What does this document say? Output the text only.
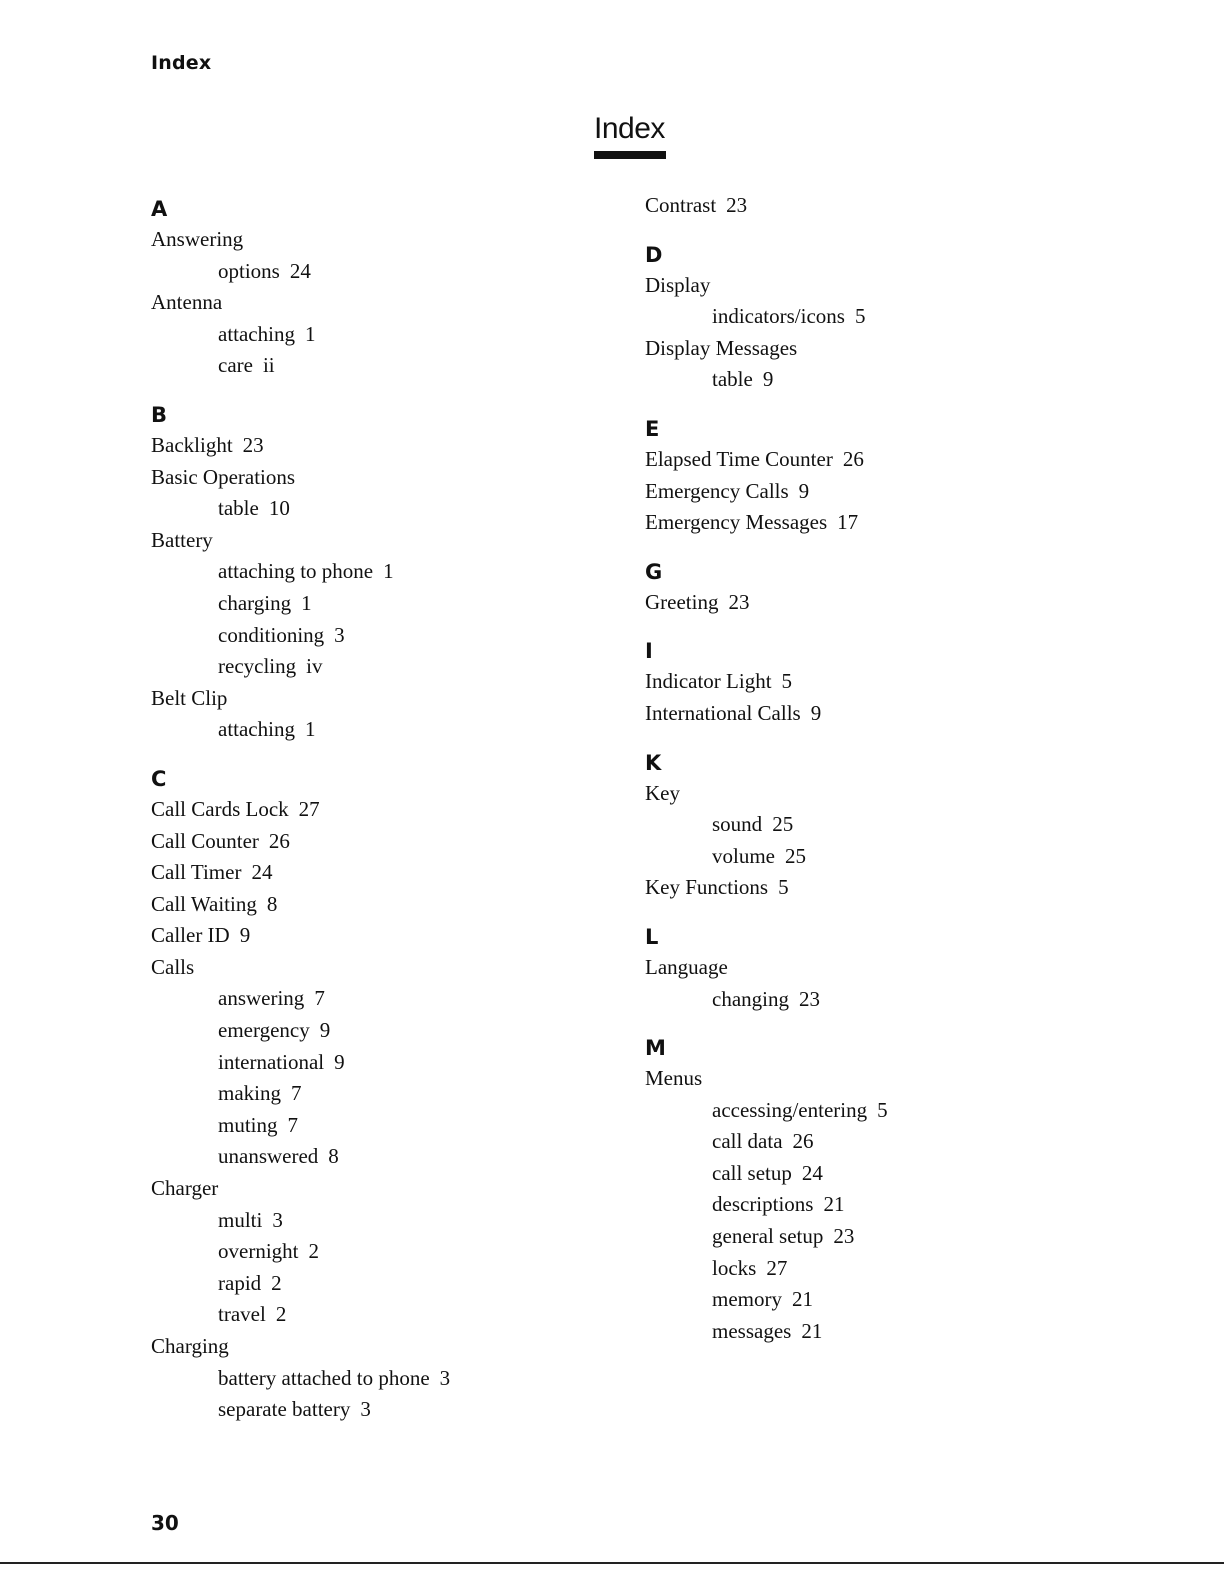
Index
Index
A
Answering
options 24
Antenna
attaching 1
care ii
B
Backlight 23
Basic Operations
table 10
Battery
attaching to phone 1
charging 1
conditioning 3
recycling iv
Belt Clip
attaching 1
C
Call Cards Lock 27
Call Counter 26
Call Timer 24
Call Waiting 8
Caller ID 9
Calls
answering 7
emergency 9
international 9
making 7
muting 7
unanswered 8
Charger
multi 3
overnight 2
rapid 2
travel 2
Charging
battery attached to phone 3
separate battery 3
Contrast 23
D
Display
indicators/icons 5
Display Messages
table 9
E
Elapsed Time Counter 26
Emergency Calls 9
Emergency Messages 17
G
Greeting 23
I
Indicator Light 5
International Calls 9
K
Key
sound 25
volume 25
Key Functions 5
L
Language
changing 23
M
Menus
accessing/entering 5
call data 26
call setup 24
descriptions 21
general setup 23
locks 27
memory 21
messages 21
30
